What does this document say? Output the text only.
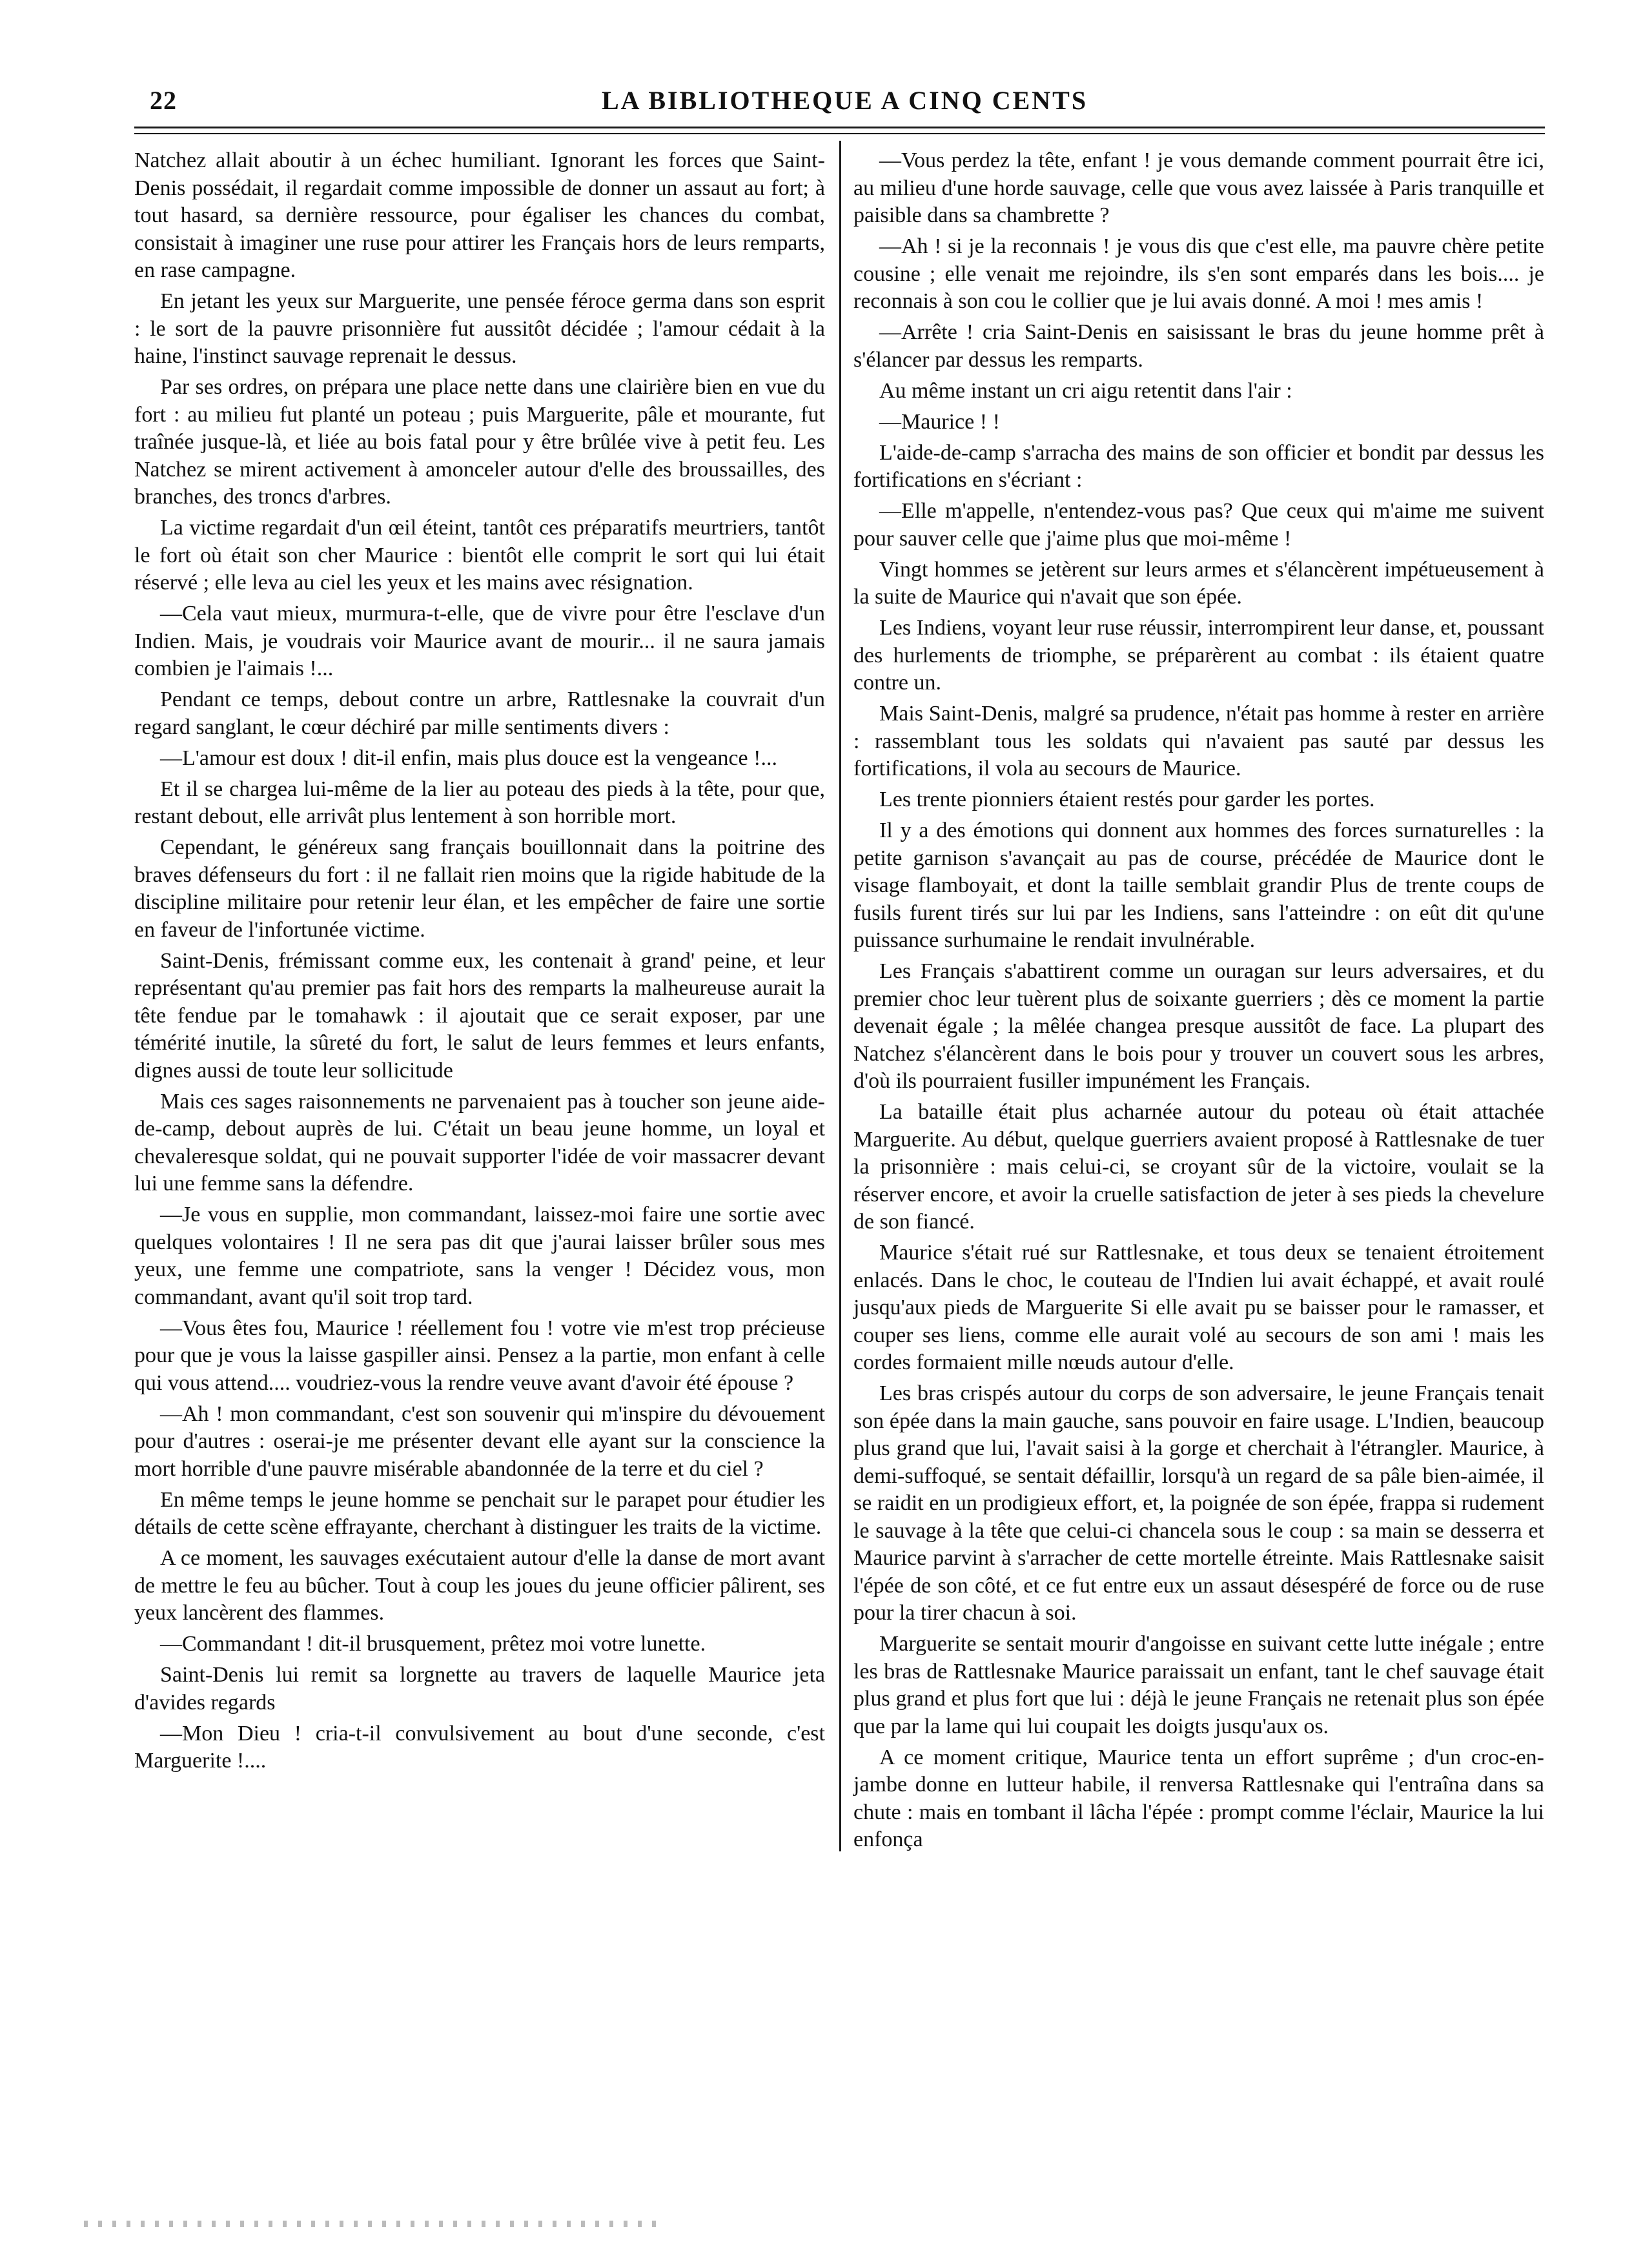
22	LA BIBLIOTHEQUE A CINQ CENTS

Natchez allait aboutir à un échec humiliant. Ignorant les forces que Saint-Denis possédait, il regardait comme impossible de donner un assaut au fort; à tout hasard, sa dernière ressource, pour égaliser les chances du combat, consistait à imaginer une ruse pour attirer les Français hors de leurs remparts, en rase campagne.

En jetant les yeux sur Marguerite, une pensée féroce germa dans son esprit : le sort de la pauvre prisonnière fut aussitôt décidée ; l'amour cédait à la haine, l'instinct sauvage reprenait le dessus.

Par ses ordres, on prépara une place nette dans une clairière bien en vue du fort : au milieu fut planté un poteau ; puis Marguerite, pâle et mourante, fut traînée jusque-là, et liée au bois fatal pour y être brûlée vive à petit feu. Les Natchez se mirent activement à amonceler autour d'elle des broussailles, des branches, des troncs d'arbres.

La victime regardait d'un œil éteint, tantôt ces préparatifs meurtriers, tantôt le fort où était son cher Maurice : bientôt elle comprit le sort qui lui était réservé ; elle leva au ciel les yeux et les mains avec résignation.

—Cela vaut mieux, murmura-t-elle, que de vivre pour être l'esclave d'un Indien. Mais, je voudrais voir Maurice avant de mourir... il ne saura jamais combien je l'aimais !...

Pendant ce temps, debout contre un arbre, Rattlesnake la couvrait d'un regard sanglant, le cœur déchiré par mille sentiments divers :

—L'amour est doux ! dit-il enfin, mais plus douce est la vengeance !...

Et il se chargea lui-même de la lier au poteau des pieds à la tête, pour que, restant debout, elle arrivât plus lentement à son horrible mort.

Cependant, le généreux sang français bouillonnait dans la poitrine des braves défenseurs du fort : il ne fallait rien moins que la rigide habitude de la discipline militaire pour retenir leur élan, et les empêcher de faire une sortie en faveur de l'infortunée victime.

Saint-Denis, frémissant comme eux, les contenait à grand' peine, et leur représentant qu'au premier pas fait hors des remparts la malheureuse aurait la tête fendue par le tomahawk : il ajoutait que ce serait exposer, par une témérité inutile, la sûreté du fort, le salut de leurs femmes et leurs enfants, dignes aussi de toute leur sollicitude

Mais ces sages raisonnements ne parvenaient pas à toucher son jeune aide-de-camp, debout auprès de lui. C'était un beau jeune homme, un loyal et chevaleresque soldat, qui ne pouvait supporter l'idée de voir massacrer devant lui une femme sans la défendre.

—Je vous en supplie, mon commandant, laissez-moi faire une sortie avec quelques volontaires ! Il ne sera pas dit que j'aurai laisser brûler sous mes yeux, une femme une compatriote, sans la venger ! Décidez vous, mon commandant, avant qu'il soit trop tard.

—Vous êtes fou, Maurice ! réellement fou ! votre vie m'est trop précieuse pour que je vous la laisse gaspiller ainsi. Pensez a la partie, mon enfant à celle qui vous attend.... voudriez-vous la rendre veuve avant d'avoir été épouse ?

—Ah ! mon commandant, c'est son souvenir qui m'inspire du dévouement pour d'autres : oserai-je me présenter devant elle ayant sur la conscience la mort horrible d'une pauvre misérable abandonnée de la terre et du ciel ?

En même temps le jeune homme se penchait sur le parapet pour étudier les détails de cette scène effrayante, cherchant à distinguer les traits de la victime.

A ce moment, les sauvages exécutaient autour d'elle la danse de mort avant de mettre le feu au bûcher. Tout à coup les joues du jeune officier pâlirent, ses yeux lancèrent des flammes.

—Commandant ! dit-il brusquement, prêtez moi votre lunette.

Saint-Denis lui remit sa lorgnette au travers de laquelle Maurice jeta d'avides regards

—Mon Dieu ! cria-t-il convulsivement au bout d'une seconde, c'est Marguerite !....

—Vous perdez la tête, enfant ! je vous demande comment pourrait être ici, au milieu d'une horde sauvage, celle que vous avez laissée à Paris tranquille et paisible dans sa chambrette ?

—Ah ! si je la reconnais ! je vous dis que c'est elle, ma pauvre chère petite cousine ; elle venait me rejoindre, ils s'en sont emparés dans les bois.... je reconnais à son cou le collier que je lui avais donné. A moi ! mes amis !

—Arrête ! cria Saint-Denis en saisissant le bras du jeune homme prêt à s'élancer par dessus les remparts.

Au même instant un cri aigu retentit dans l'air :

—Maurice ! !

L'aide-de-camp s'arracha des mains de son officier et bondit par dessus les fortifications en s'écriant :

—Elle m'appelle, n'entendez-vous pas? Que ceux qui m'aime me suivent pour sauver celle que j'aime plus que moi-même !

Vingt hommes se jetèrent sur leurs armes et s'élancèrent impétueusement à la suite de Maurice qui n'avait que son épée.

Les Indiens, voyant leur ruse réussir, interrompirent leur danse, et, poussant des hurlements de triomphe, se préparèrent au combat : ils étaient quatre contre un.

Mais Saint-Denis, malgré sa prudence, n'était pas homme à rester en arrière : rassemblant tous les soldats qui n'avaient pas sauté par dessus les fortifications, il vola au secours de Maurice.

Les trente pionniers étaient restés pour garder les portes.

Il y a des émotions qui donnent aux hommes des forces surnaturelles : la petite garnison s'avançait au pas de course, précédée de Maurice dont le visage flamboyait, et dont la taille semblait grandir Plus de trente coups de fusils furent tirés sur lui par les Indiens, sans l'atteindre : on eût dit qu'une puissance surhumaine le rendait invulnérable.

Les Français s'abattirent comme un ouragan sur leurs adversaires, et du premier choc leur tuèrent plus de soixante guerriers ; dès ce moment la partie devenait égale ; la mêlée changea presque aussitôt de face. La plupart des Natchez s'élancèrent dans le bois pour y trouver un couvert sous les arbres, d'où ils pourraient fusiller impunément les Français.

La bataille était plus acharnée autour du poteau où était attachée Marguerite. Au début, quelque guerriers avaient proposé à Rattlesnake de tuer la prisonnière : mais celui-ci, se croyant sûr de la victoire, voulait se la réserver encore, et avoir la cruelle satisfaction de jeter à ses pieds la chevelure de son fiancé.

Maurice s'était rué sur Rattlesnake, et tous deux se tenaient étroitement enlacés. Dans le choc, le couteau de l'Indien lui avait échappé, et avait roulé jusqu'aux pieds de Marguerite Si elle avait pu se baisser pour le ramasser, et couper ses liens, comme elle aurait volé au secours de son ami ! mais les cordes formaient mille nœuds autour d'elle.

Les bras crispés autour du corps de son adversaire, le jeune Français tenait son épée dans la main gauche, sans pouvoir en faire usage. L'Indien, beaucoup plus grand que lui, l'avait saisi à la gorge et cherchait à l'étrangler. Maurice, à demi-suffoqué, se sentait défaillir, lorsqu'à un regard de sa pâle bien-aimée, il se raidit en un prodigieux effort, et, la poignée de son épée, frappa si rudement le sauvage à la tête que celui-ci chancela sous le coup : sa main se desserra et Maurice parvint à s'arracher de cette mortelle étreinte. Mais Rattlesnake saisit l'épée de son côté, et ce fut entre eux un assaut désespéré de force ou de ruse pour la tirer chacun à soi.

Marguerite se sentait mourir d'angoisse en suivant cette lutte inégale ; entre les bras de Rattlesnake Maurice paraissait un enfant, tant le chef sauvage était plus grand et plus fort que lui : déjà le jeune Français ne retenait plus son épée que par la lame qui lui coupait les doigts jusqu'aux os.

A ce moment critique, Maurice tenta un effort suprême ; d'un croc-en-jambe donne en lutteur habile, il renversa Rattlesnake qui l'entraîna dans sa chute : mais en tombant il lâcha l'épée : prompt comme l'éclair, Maurice la lui enfonça
